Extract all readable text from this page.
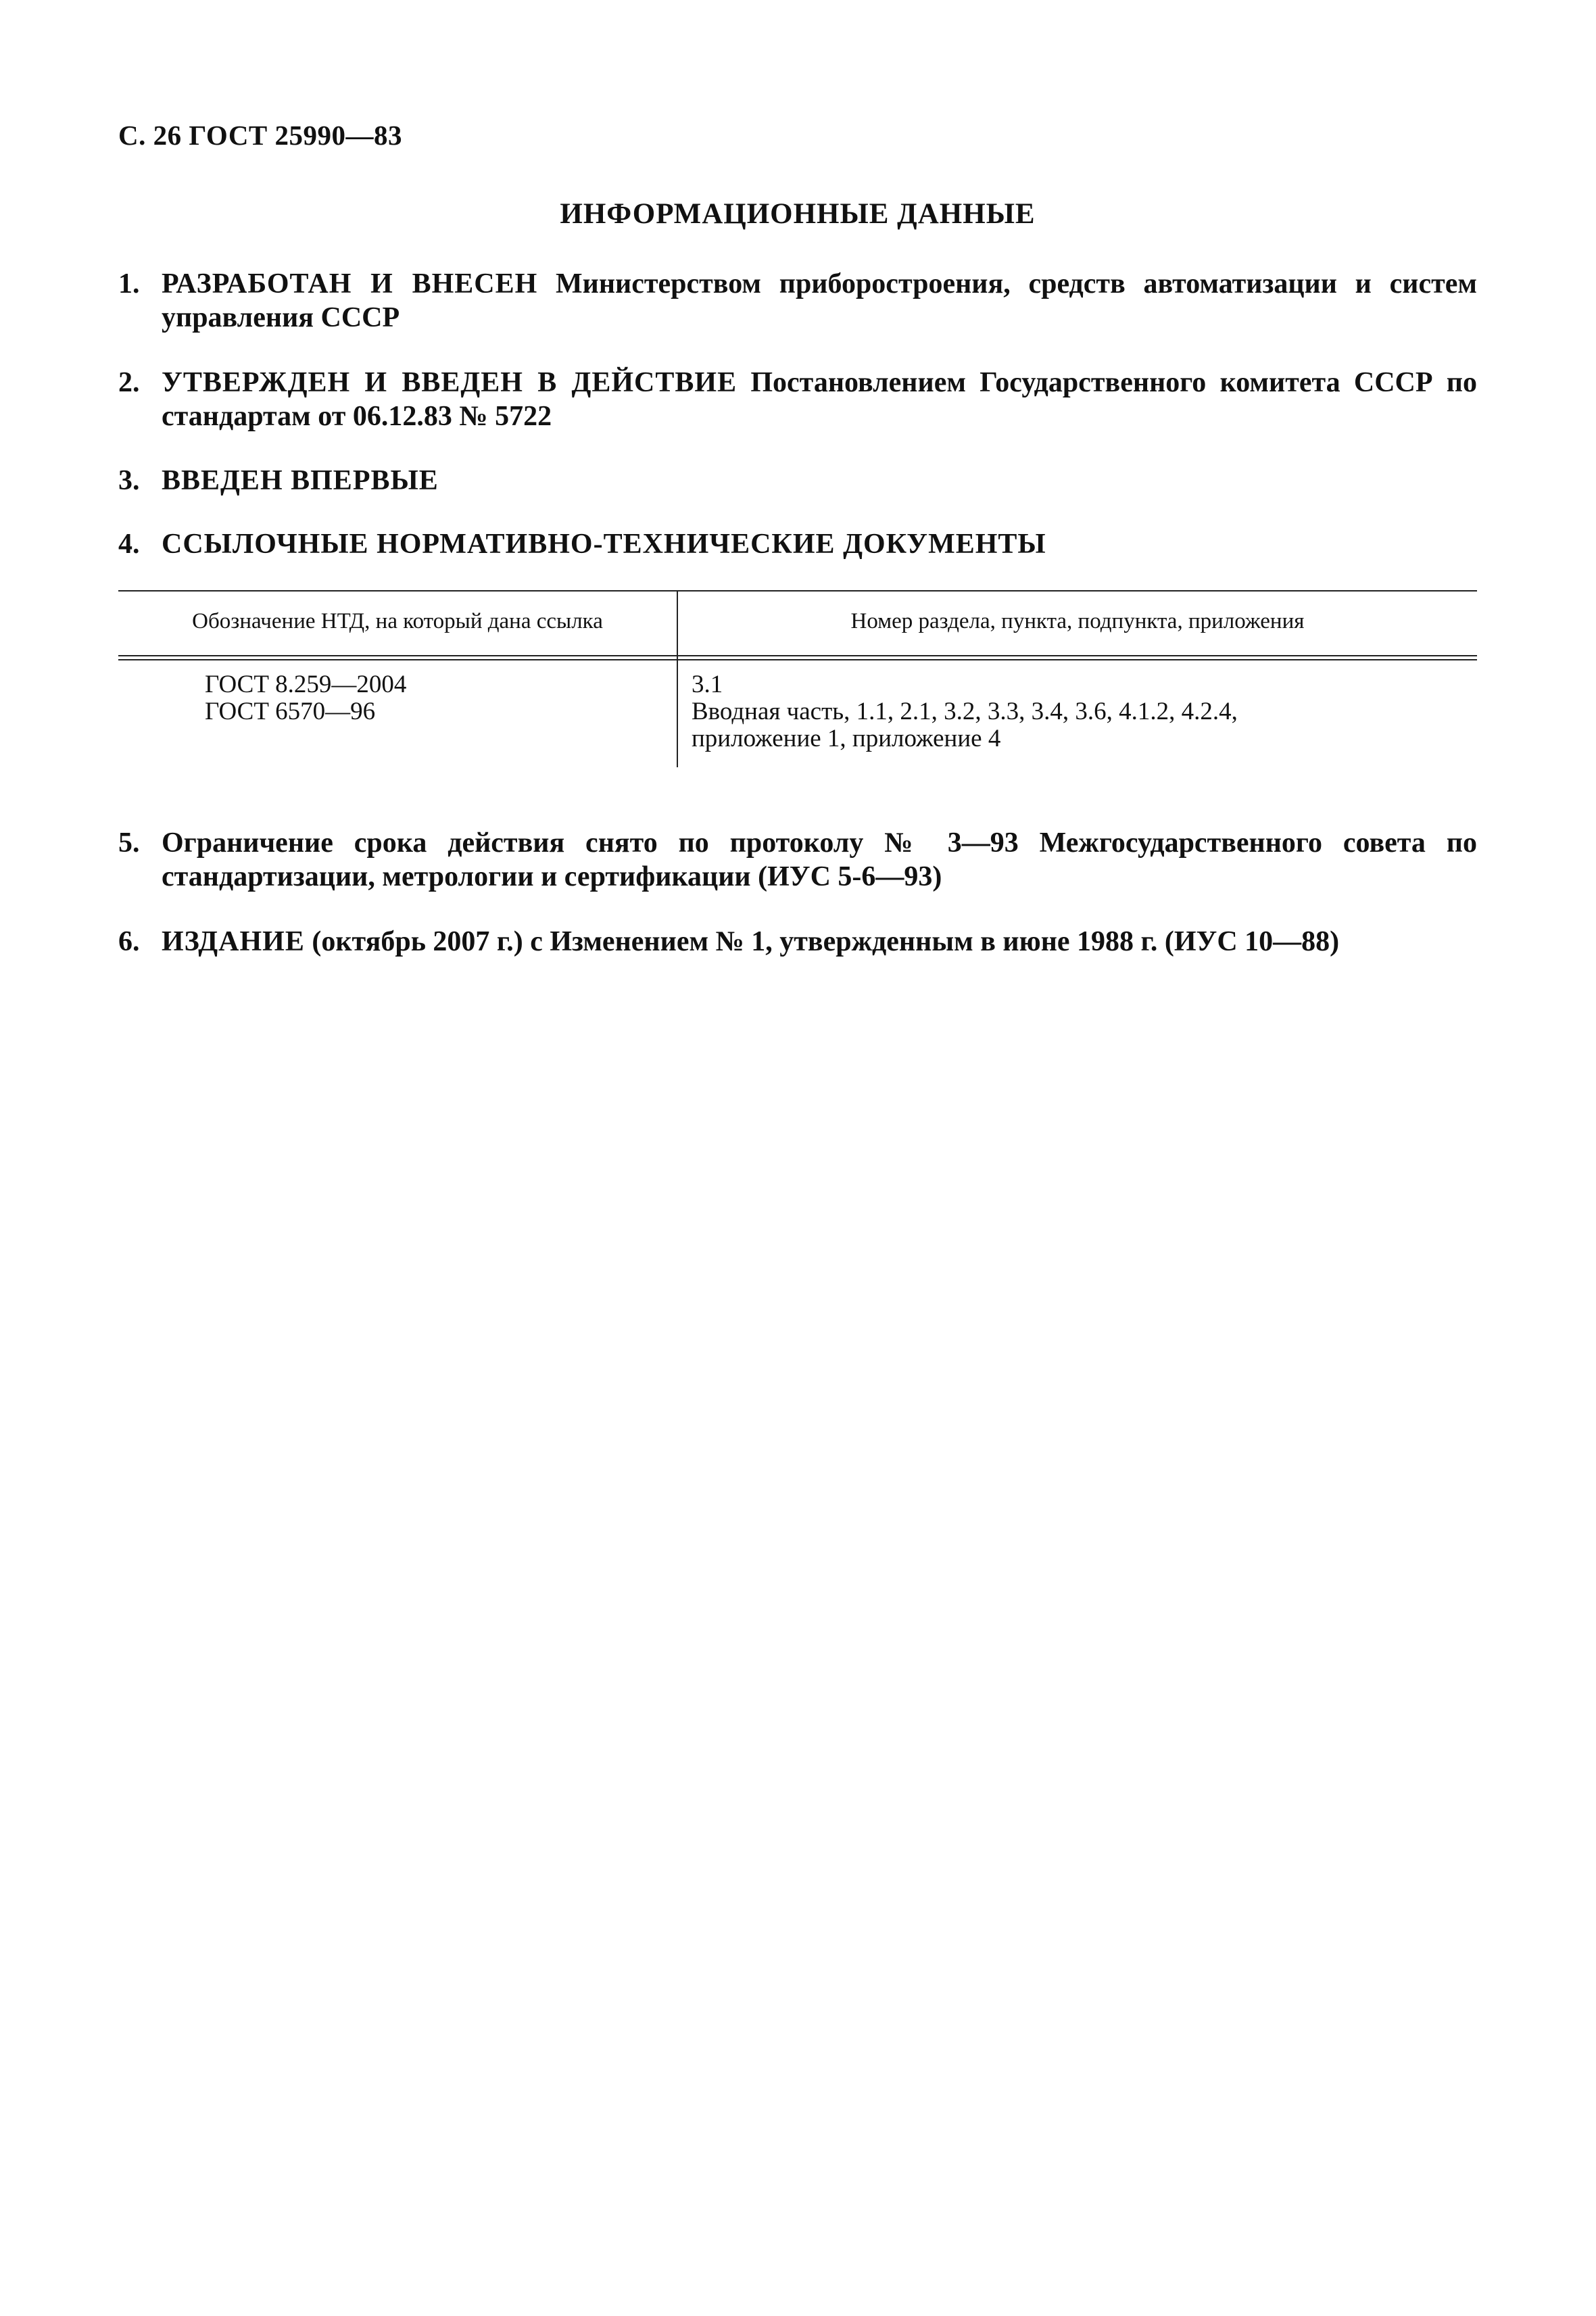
С. 26 ГОСТ 25990—83
ИНФОРМАЦИОННЫЕ ДАННЫЕ
1. РАЗРАБОТАН И ВНЕСЕН Министерством приборостроения, средств автоматизации и систем управления СССР
2. УТВЕРЖДЕН И ВВЕДЕН В ДЕЙСТВИЕ Постановлением Государственного комитета СССР по стандартам от 06.12.83 № 5722
3. ВВЕДЕН ВПЕРВЫЕ
4. ССЫЛОЧНЫЕ НОРМАТИВНО-ТЕХНИЧЕСКИЕ ДОКУМЕНТЫ
Обозначение НТД, на который дана ссылка	Номер раздела, пункта, подпункта, приложения
ГОСТ 8.259—2004
ГОСТ 6570—96
3.1
Вводная часть, 1.1, 2.1, 3.2, 3.3, 3.4, 3.6, 4.1.2, 4.2.4,
приложение 1, приложение 4
5. Ограничение срока действия снято по протоколу № 3—93 Межгосударственного совета по стандартизации, метрологии и сертификации (ИУС 5-6—93)
6. ИЗДАНИЕ (октябрь 2007 г.) с Изменением № 1, утвержденным в июне 1988 г. (ИУС 10—88)
